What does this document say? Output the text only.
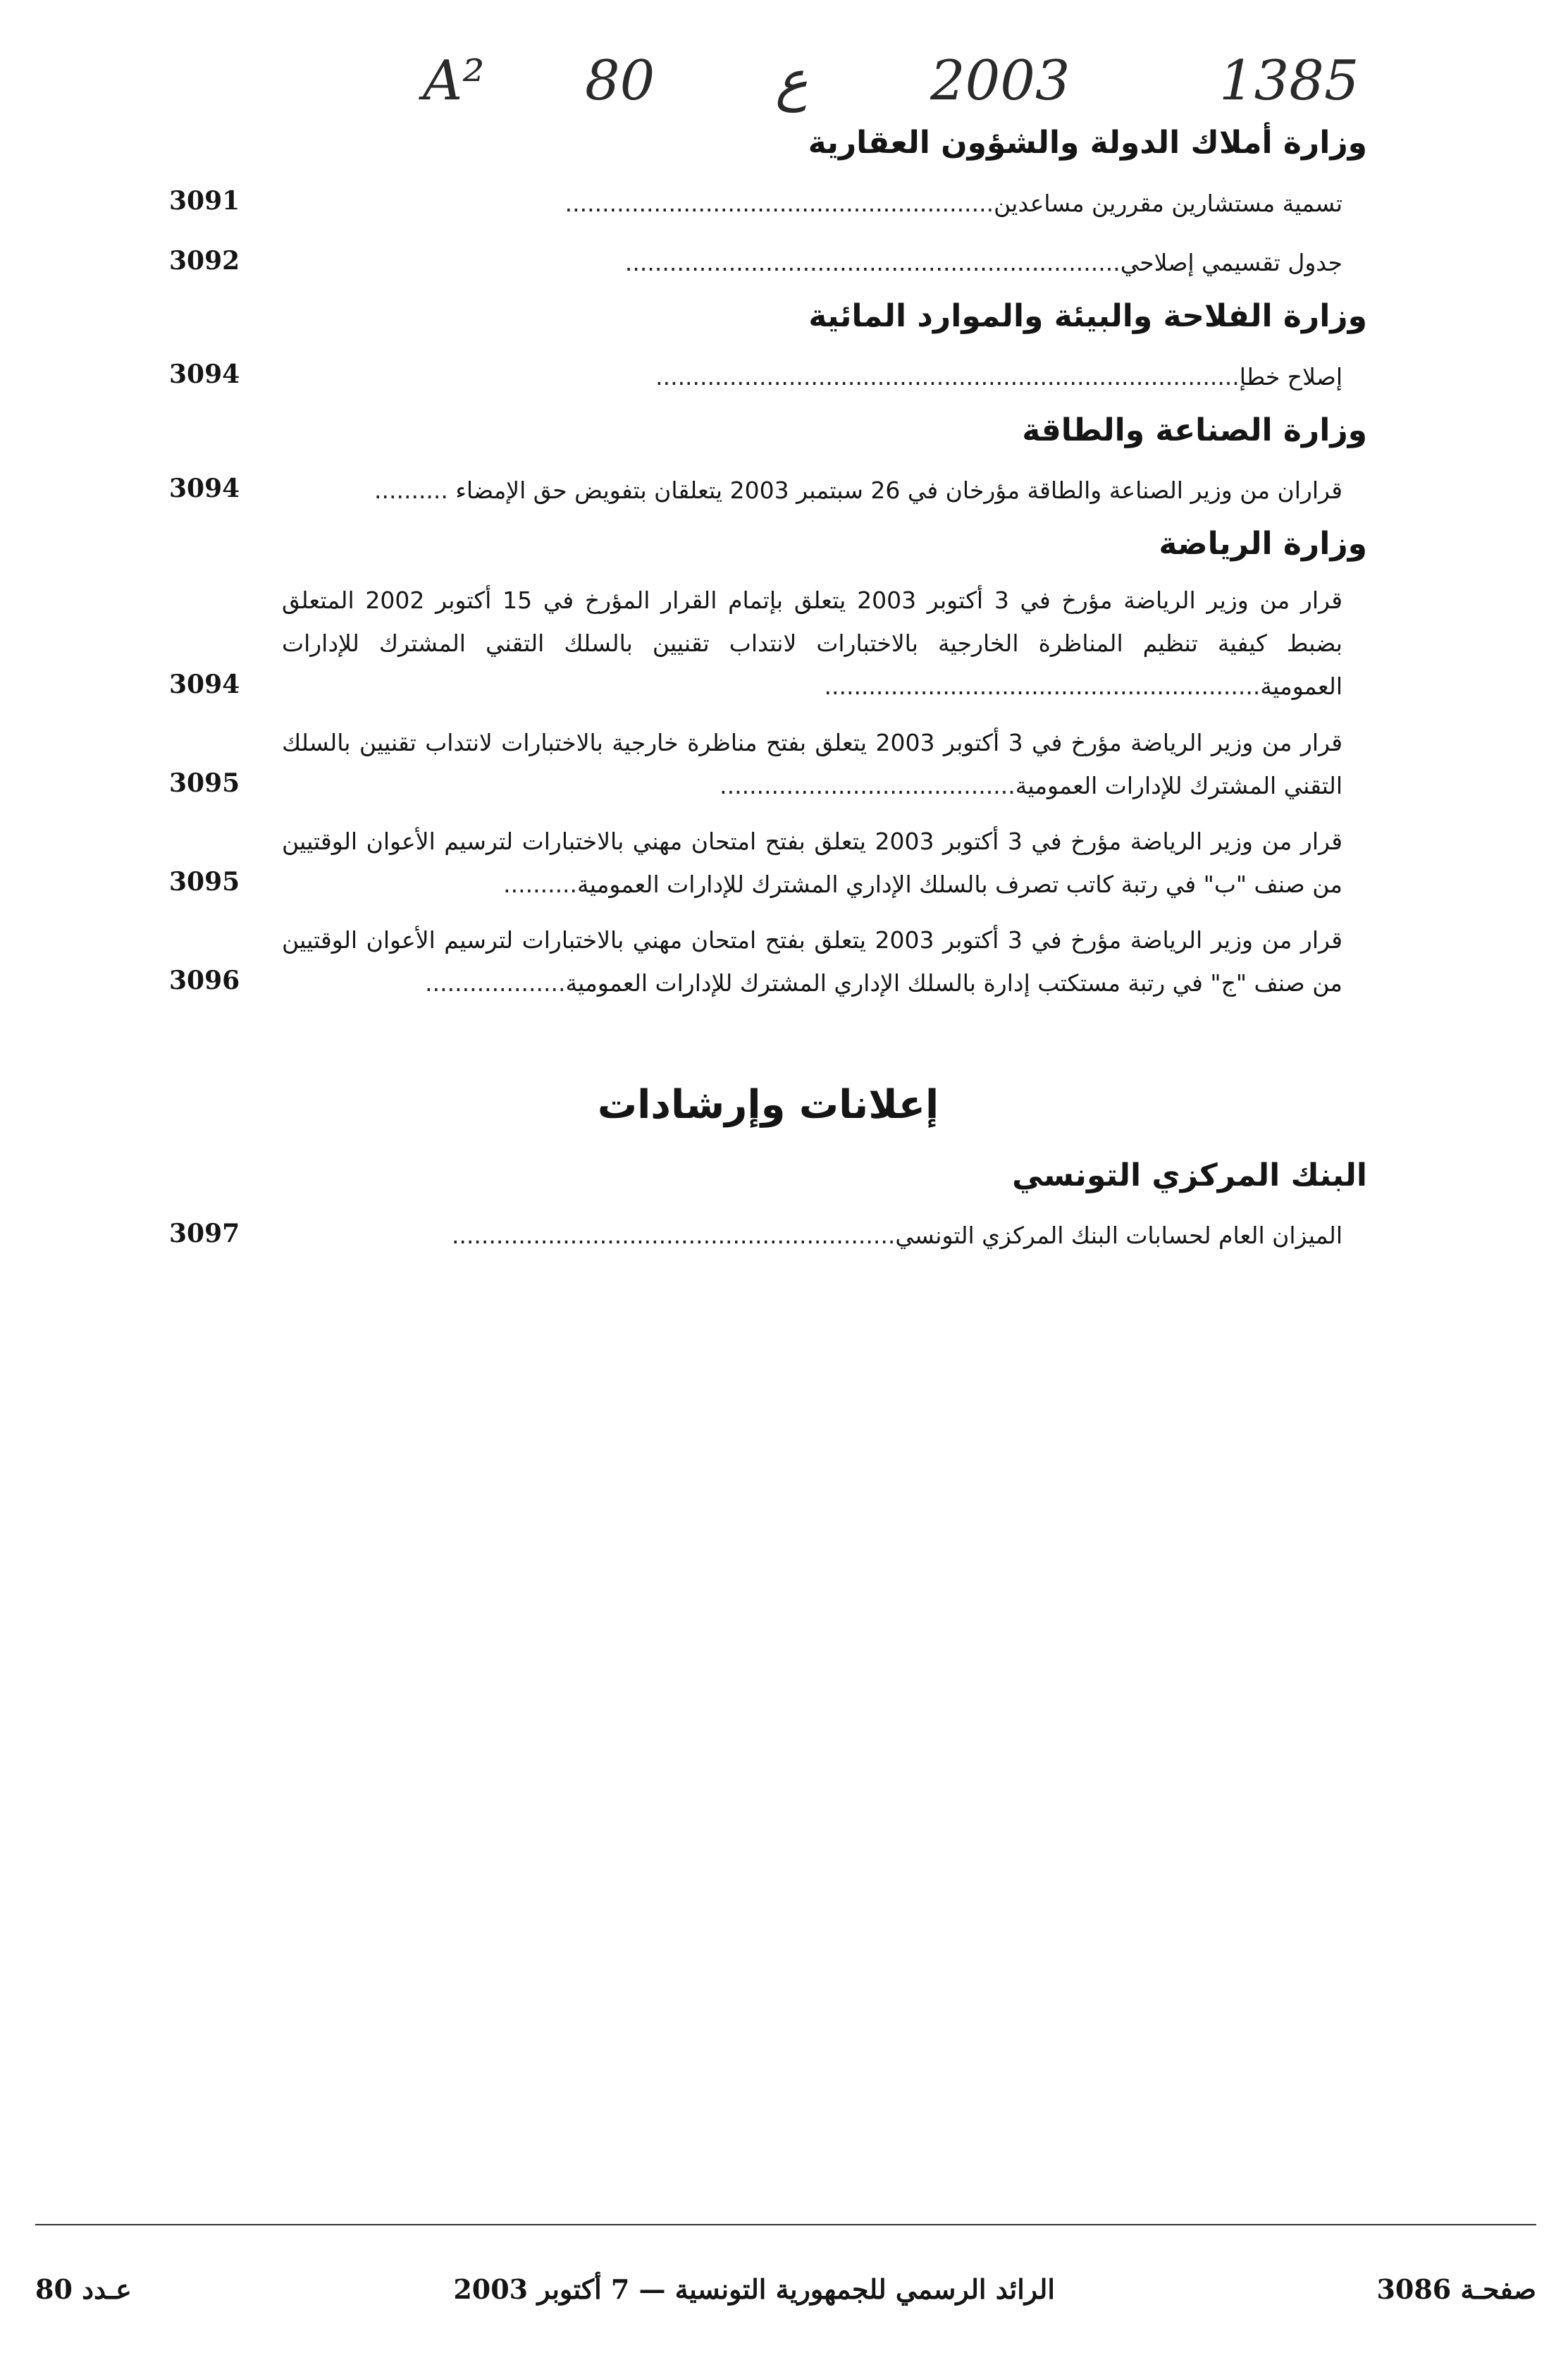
A² 80 ع 2003	1385
وزارة أملاك الدولة والشؤون العقارية
تسمية مستشارين مقررين مساعدين..........................................................
3091
جدول تقسيمي إصلاحي...................................................................
3092
وزارة الفلاحة والبيئة والموارد المائية
إصلاح خطإ...............................................................................
3094
وزارة الصناعة والطاقة
قراران من وزير الصناعة والطاقة مؤرخان في 26 سبتمبر 2003 يتعلقان بتفويض حق الإمضاء ..........
3094
وزارة الرياضة
قرار من وزير الرياضة مؤرخ في 3 أكتوبر 2003 يتعلق بإتمام القرار المؤرخ في 15 أكتوبر 2002 المتعلق بضبط كيفية تنظيم المناظرة الخارجية بالاختبارات لانتداب تقنيين بالسلك التقني المشترك للإدارات العمومية...........................................................
3094
قرار من وزير الرياضة مؤرخ في 3 أكتوبر 2003 يتعلق بفتح مناظرة خارجية بالاختبارات لانتداب تقنيين بالسلك التقني المشترك للإدارات العمومية........................................
3095
قرار من وزير الرياضة مؤرخ في 3 أكتوبر 2003 يتعلق بفتح امتحان مهني بالاختبارات لترسيم الأعوان الوقتيين من صنف "ب" في رتبة كاتب تصرف بالسلك الإداري المشترك للإدارات العمومية..........
3095
قرار من وزير الرياضة مؤرخ في 3 أكتوبر 2003 يتعلق بفتح امتحان مهني بالاختبارات لترسيم الأعوان الوقتيين من صنف "ج" في رتبة مستكتب إدارة بالسلك الإداري المشترك للإدارات العمومية...................
3096
إعلانات وإرشادات
البنك المركزي التونسي
الميزان العام لحسابات البنك المركزي التونسي............................................................
3097
عـدد 80	الرائد الرسمي للجمهورية التونسية — 7 أكتوبر 2003	صفحـة 3086
